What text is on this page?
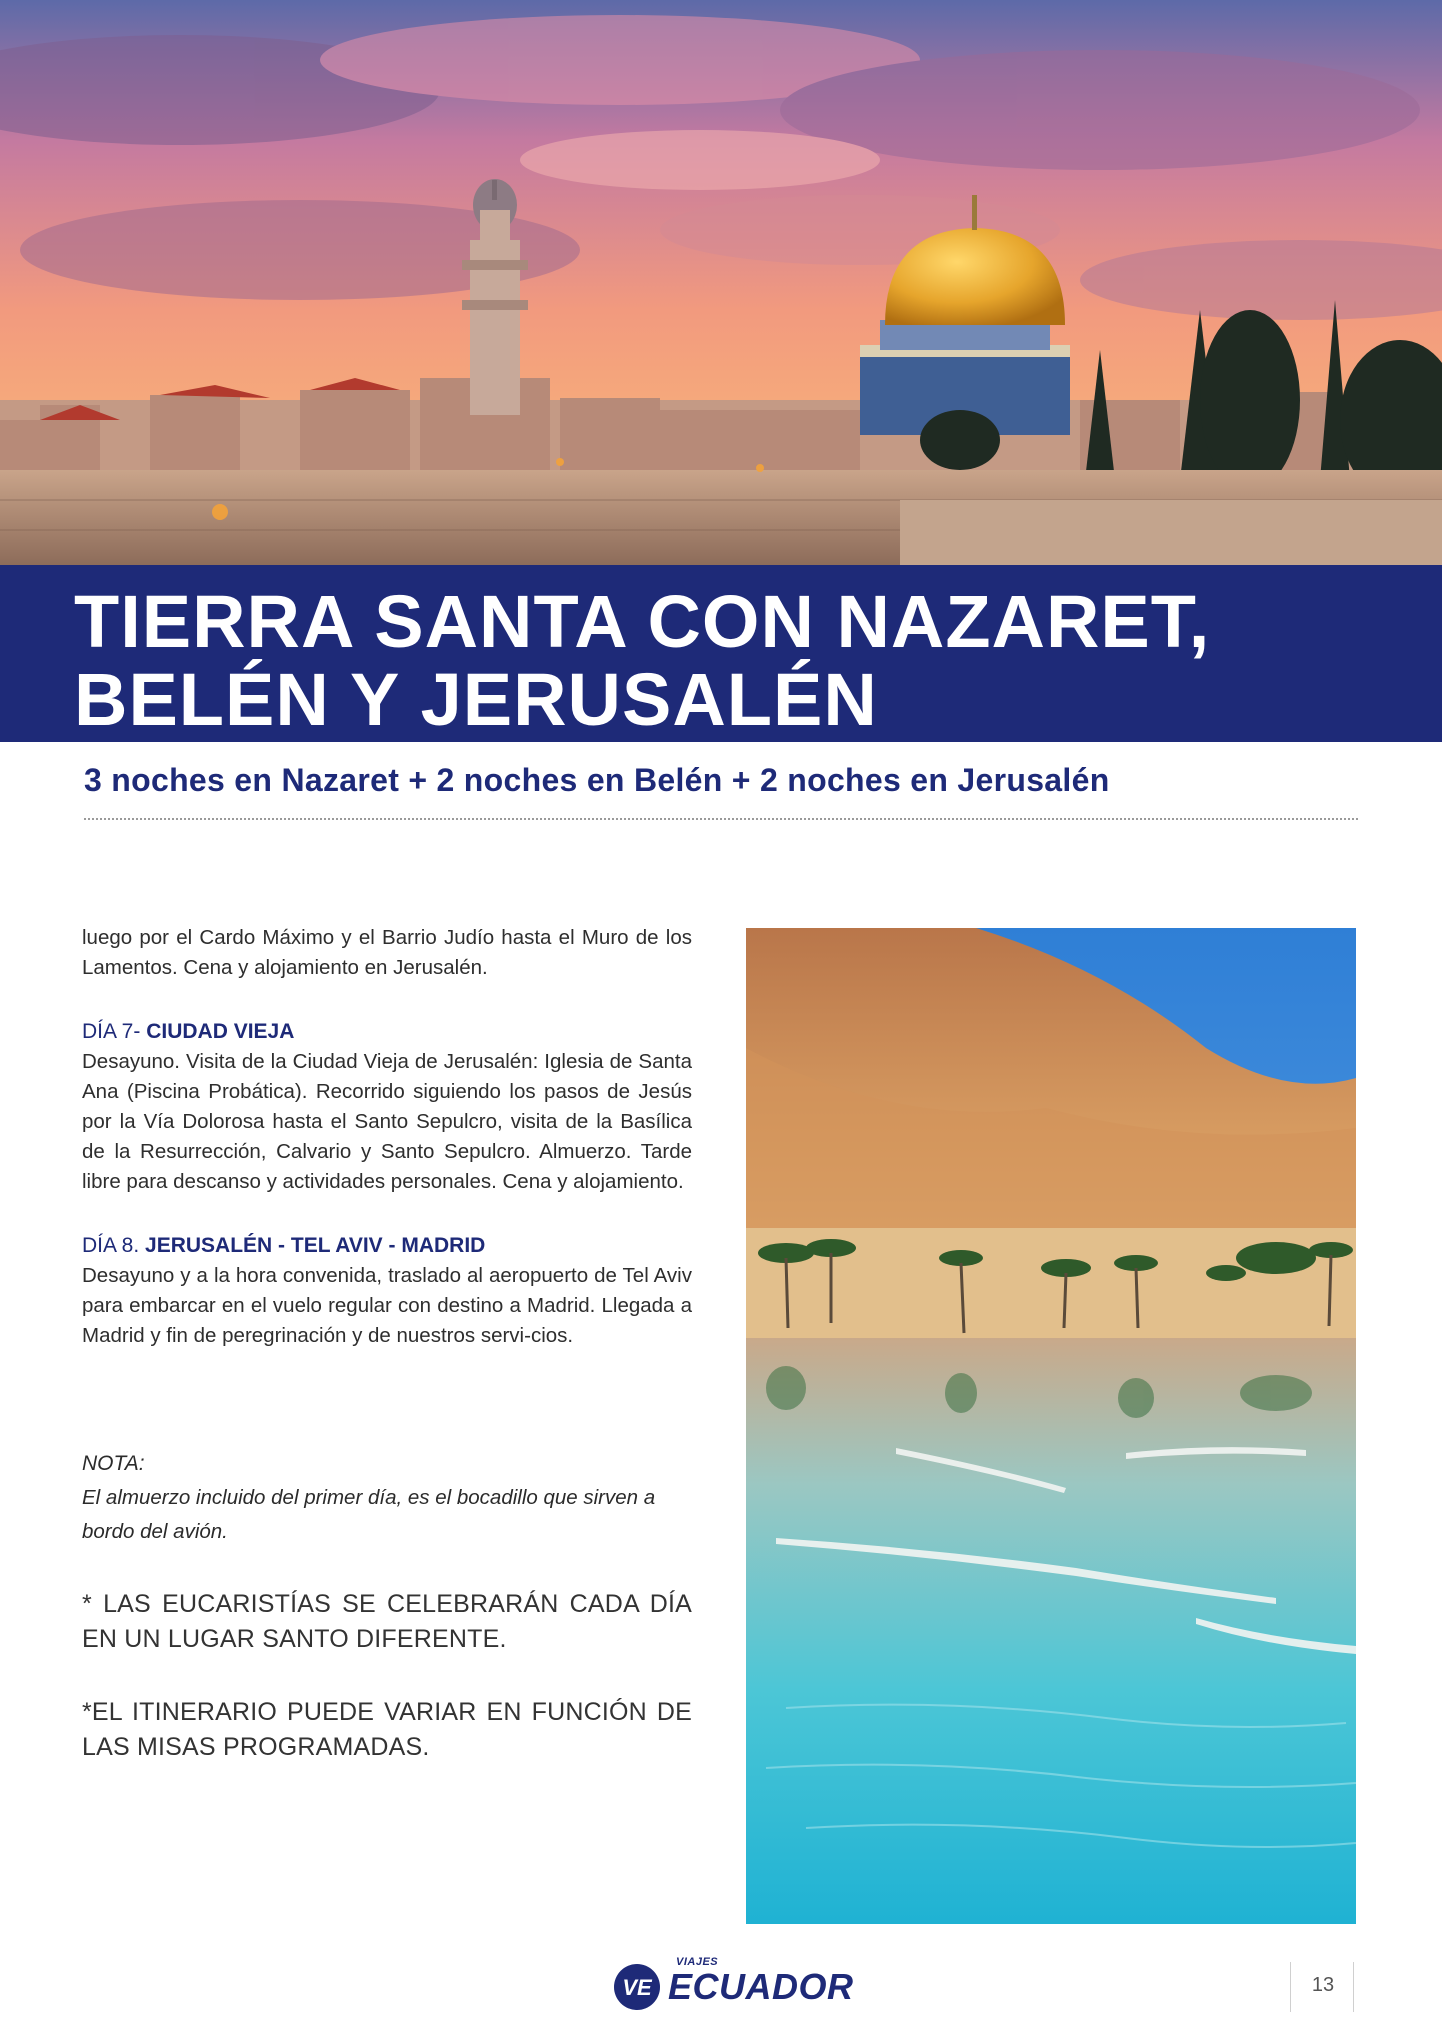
TIERRA SANTA CON NAZARET,
BELÉN Y JERUSALÉN
3 noches en Nazaret + 2 noches en Belén + 2 noches en Jerusalén

luego por el Cardo Máximo y el Barrio Judío hasta el Muro de los Lamentos. Cena y alojamiento en Jerusalén.

DÍA 7- CIUDAD VIEJA

Desayuno. Visita de la Ciudad Vieja de Jerusalén: Iglesia de Santa Ana (Piscina Probática). Recorrido siguiendo los pasos de Jesús por la Vía Dolorosa hasta el Santo Sepulcro, visita de la Basílica de la Resurrección, Calvario y Santo Sepulcro. Almuerzo. Tarde libre para descanso y actividades personales. Cena y alojamiento.

DÍA 8. JERUSALÉN - TEL AVIV - MADRID

Desayuno y a la hora convenida, traslado al aeropuerto de Tel Aviv para embarcar en el vuelo regular con destino a Madrid. Llegada a Madrid y fin de peregrinación y de nuestros servi-cios.

NOTA:

El almuerzo incluido del primer día, es el bocadillo que sirven a bordo del avión.

* LAS EUCARISTÍAS SE CELEBRARÁN CADA DÍA EN UN LUGAR SANTO DIFERENTE.

*EL ITINERARIO PUEDE VARIAR EN FUNCIÓN DE LAS MISAS PROGRAMADAS.

VE
VIAJES
ECUADOR	13
